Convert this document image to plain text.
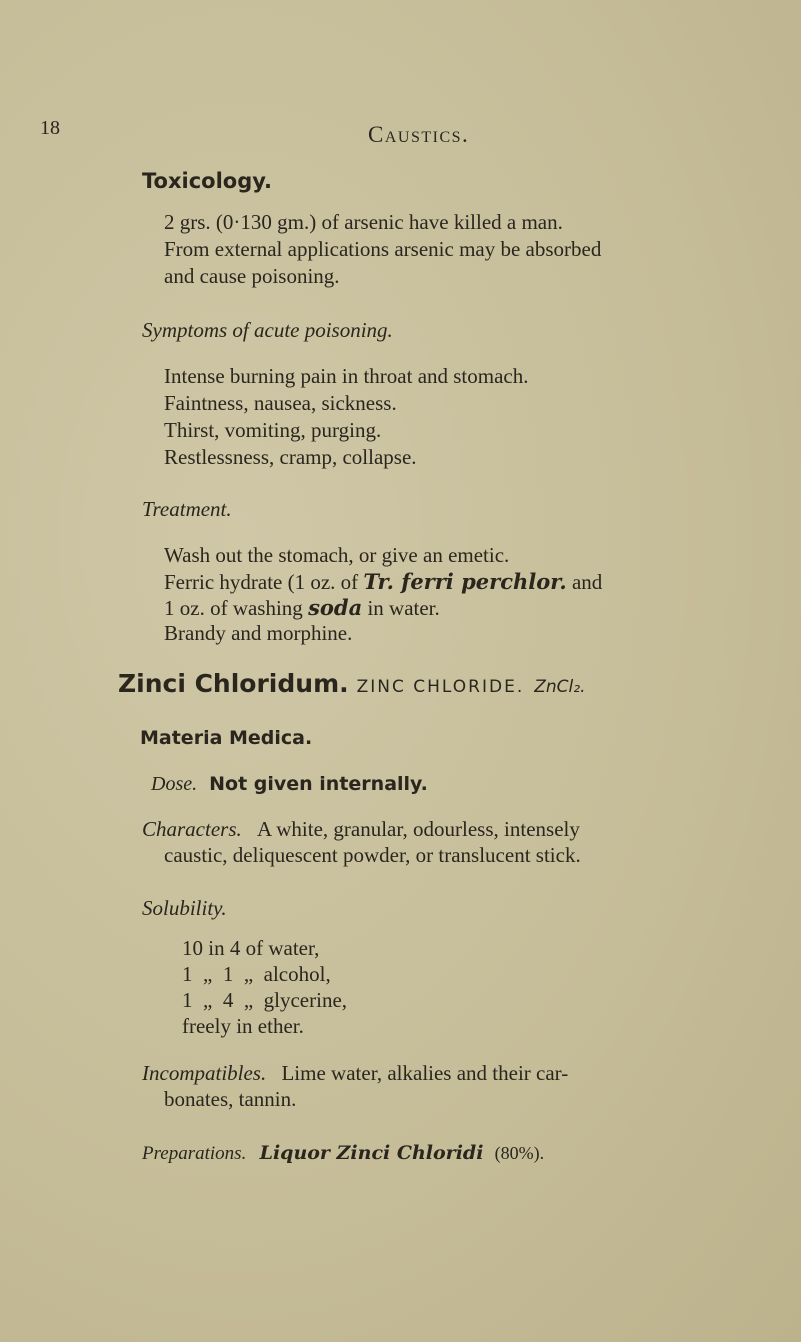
18	Caustics.
Toxicology.
2 grs. (0·130 gm.) of arsenic have killed a man.
From external applications arsenic may be absorbed
and cause poisoning.
Symptoms of acute poisoning.
Intense burning pain in throat and stomach.
Faintness, nausea, sickness.
Thirst, vomiting, purging.
Restlessness, cramp, collapse.
Treatment.
Wash out the stomach, or give an emetic.
Ferric hydrate (1 oz. of Tr. ferri perchlor. and
1 oz. of washing soda in water.
Brandy and morphine.
Zinci Chloridum. ZINC CHLORIDE. ZnCl₂.
Materia Medica.
Dose. Not given internally.
Characters. A white, granular, odourless, intensely
caustic, deliquescent powder, or translucent stick.
Solubility.
10 in 4 of water,
1  „  1  „  alcohol,
1  „  4  „  glycerine,
freely in ether.
Incompatibles. Lime water, alkalies and their car-
bonates, tannin.
Preparations. Liquor Zinci Chloridi (80%).
